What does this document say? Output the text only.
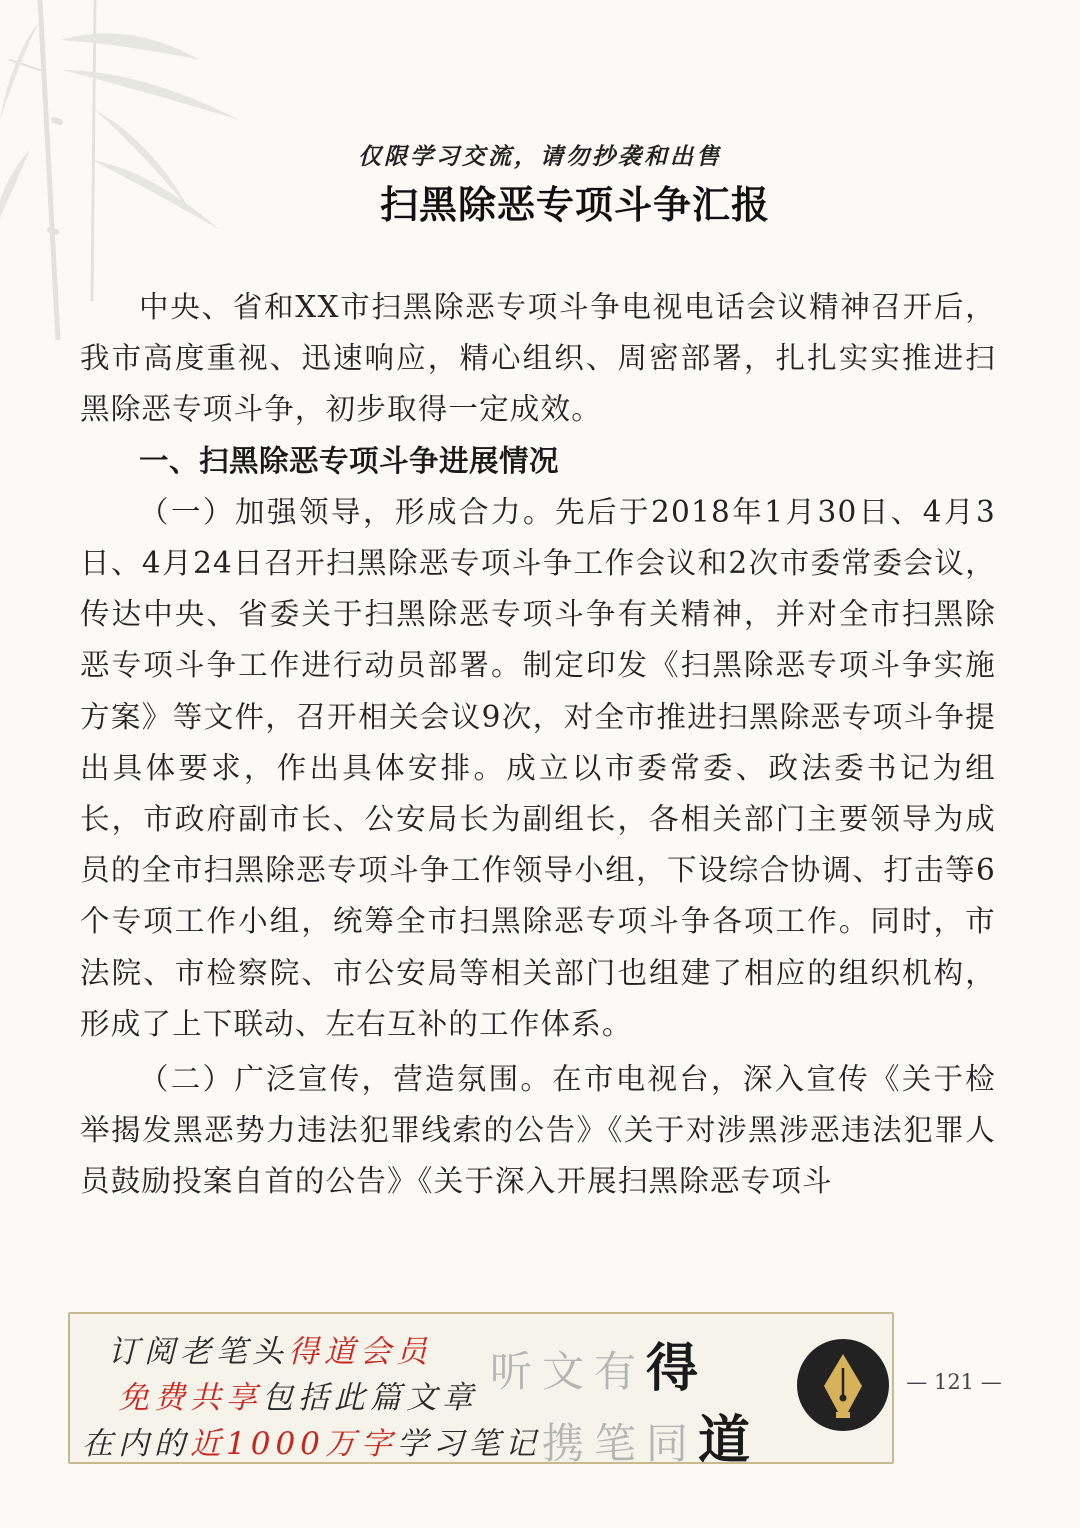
仅限学习交流，请勿抄袭和出售
扫黑除恶专项斗争汇报

中央、省和XX市扫黑除恶专项斗争电视电话会议精神召开后，我市高度重视、迅速响应，精心组织、周密部署，扎扎实实推进扫黑除恶专项斗争，初步取得一定成效。

一、扫黑除恶专项斗争进展情况

（一）加强领导，形成合力。先后于2018年1月30日、4月3日、4月24日召开扫黑除恶专项斗争工作会议和2次市委常委会议，传达中央、省委关于扫黑除恶专项斗争有关精神，并对全市扫黑除恶专项斗争工作进行动员部署。制定印发《扫黑除恶专项斗争实施方案》等文件，召开相关会议9次，对全市推进扫黑除恶专项斗争提出具体要求，作出具体安排。成立以市委常委、政法委书记为组长，市政府副市长、公安局长为副组长，各相关部门主要领导为成员的全市扫黑除恶专项斗争工作领导小组，下设综合协调、打击等6个专项工作小组，统筹全市扫黑除恶专项斗争各项工作。同时，市法院、市检察院、市公安局等相关部门也组建了相应的组织机构，形成了上下联动、左右互补的工作体系。

（二）广泛宣传，营造氛围。在市电视台，深入宣传《关于检举揭发黑恶势力违法犯罪线索的公告》《关于对涉黑涉恶违法犯罪人员鼓励投案自首的公告》《关于深入开展扫黑除恶专项斗

订阅老笔头得道会员
免费共享包括此篇文章
在内的近1000万字学习笔记
听文有得
携笔同道
— 121 —
